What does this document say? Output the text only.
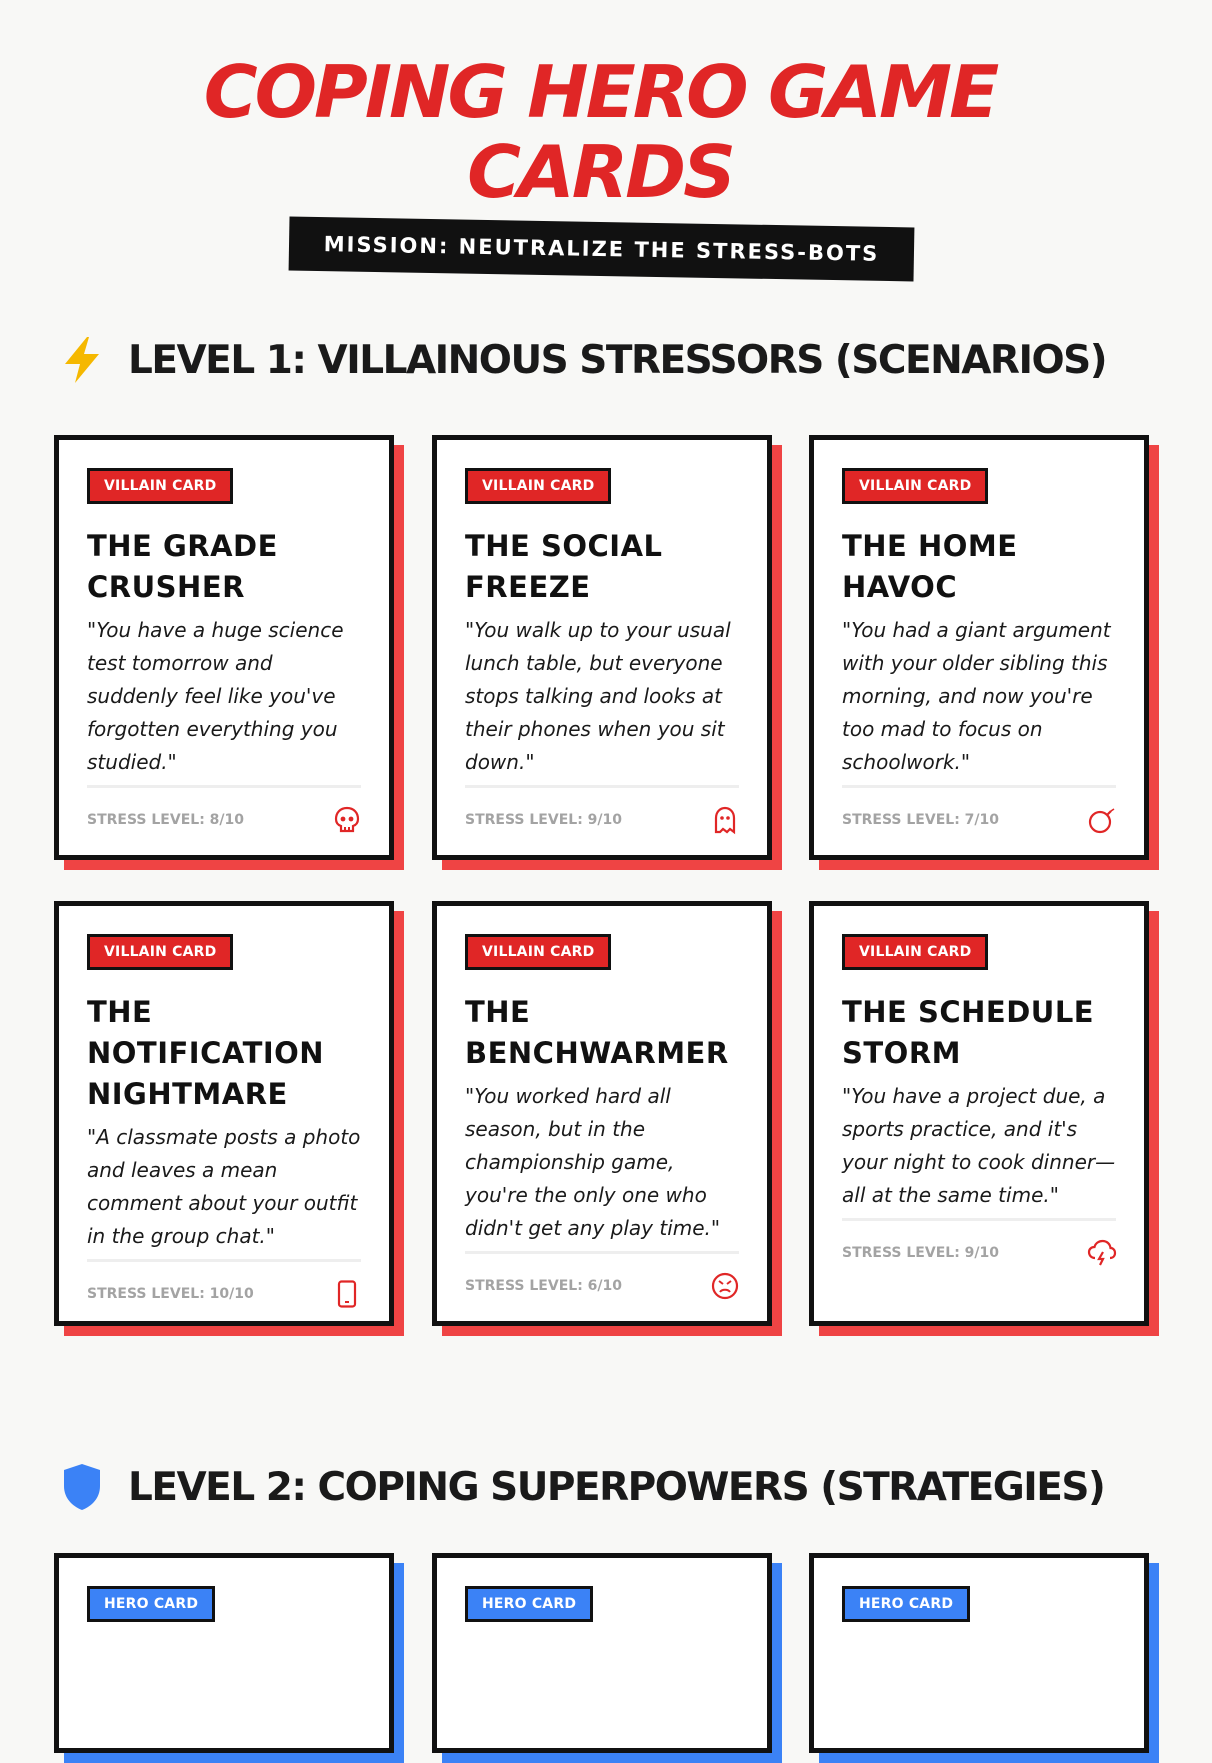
COPING HERO GAME
CARDS
MISSION: NEUTRALIZE THE STRESS-BOTS
LEVEL 1: VILLAINOUS STRESSORS (SCENARIOS)
VILLAIN CARD
THE GRADE CRUSHER
"You have a huge science test tomorrow and suddenly feel like you've forgotten everything you studied."
STRESS LEVEL: 8/10
VILLAIN CARD
THE SOCIAL FREEZE
"You walk up to your usual lunch table, but everyone stops talking and looks at their phones when you sit down."
STRESS LEVEL: 9/10
VILLAIN CARD
THE HOME HAVOC
"You had a giant argument with your older sibling this morning, and now you're too mad to focus on schoolwork."
STRESS LEVEL: 7/10
VILLAIN CARD
THE NOTIFICATION NIGHTMARE
"A classmate posts a photo and leaves a mean comment about your outfit in the group chat."
STRESS LEVEL: 10/10
VILLAIN CARD
THE BENCHWARMER
"You worked hard all season, but in the championship game, you're the only one who didn't get any play time."
STRESS LEVEL: 6/10
VILLAIN CARD
THE SCHEDULE STORM
"You have a project due, a sports practice, and it's your night to cook dinner—all at the same time."
STRESS LEVEL: 9/10
LEVEL 2: COPING SUPERPOWERS (STRATEGIES)
HERO CARD	HERO CARD	HERO CARD
